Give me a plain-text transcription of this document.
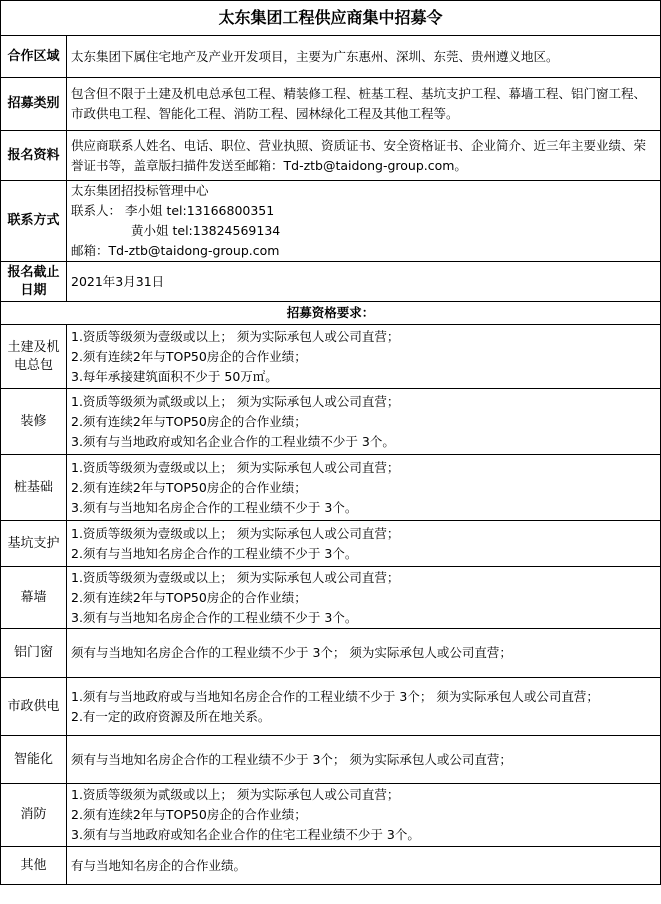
太东集团工程供应商集中招募令	
合作区域	太东集团下属住宅地产及产业开发项目，主要为广东惠州、深圳、东莞、贵州遵义地区。
招募类别	包含但不限于土建及机电总承包工程、精装修工程、桩基工程、基坑支护工程、幕墙工程、铝门窗工程、市政供电工程、智能化工程、消防工程、园林绿化工程及其他工程等。
报名资料	供应商联系人姓名、电话、职位、营业执照、资质证书、安全资格证书、企业简介、近三年主要业绩、荣誉证书等，盖章版扫描件发送至邮箱：Td-ztb@taidong-group.com。
联系方式	太东集团招投标管理中心
联系人： 李小姐 tel:13166800351
黄小姐 tel:13824569134
邮箱：Td-ztb@taidong-group.com

报名截止
日期	2021年3月31日
招募资格要求：	
土建及机电总包	1.资质等级须为壹级或以上； 须为实际承包人或公司直营；
2.须有连续2年与TOP50房企的合作业绩；
3.每年承接建筑面积不少于 50万㎡。

装修	1.资质等级须为贰级或以上； 须为实际承包人或公司直营；
2.须有连续2年与TOP50房企的合作业绩；
3.须有与当地政府或知名企业合作的工程业绩不少于 3个。

桩基础	1.资质等级须为壹级或以上； 须为实际承包人或公司直营；
2.须有连续2年与TOP50房企的合作业绩；
3.须有与当地知名房企合作的工程业绩不少于 3个。

基坑支护	1.资质等级须为壹级或以上； 须为实际承包人或公司直营；
2.须有与当地知名房企合作的工程业绩不少于 3个。

幕墙	1.资质等级须为壹级或以上； 须为实际承包人或公司直营；
2.须有连续2年与TOP50房企的合作业绩；
3.须有与当地知名房企合作的工程业绩不少于 3个。

铝门窗	须有与当地知名房企合作的工程业绩不少于 3个； 须为实际承包人或公司直营；

市政供电	1.须有与当地政府或与当地知名房企合作的工程业绩不少于 3个； 须为实际承包人或公司直营；
2.有一定的政府资源及所在地关系。

智能化	须有与当地知名房企合作的工程业绩不少于 3个； 须为实际承包人或公司直营；

消防	1.资质等级须为贰级或以上； 须为实际承包人或公司直营；
2.须有连续2年与TOP50房企的合作业绩；
3.须有与当地政府或知名企业合作的住宅工程业绩不少于 3个。

其他	有与当地知名房企的合作业绩。
